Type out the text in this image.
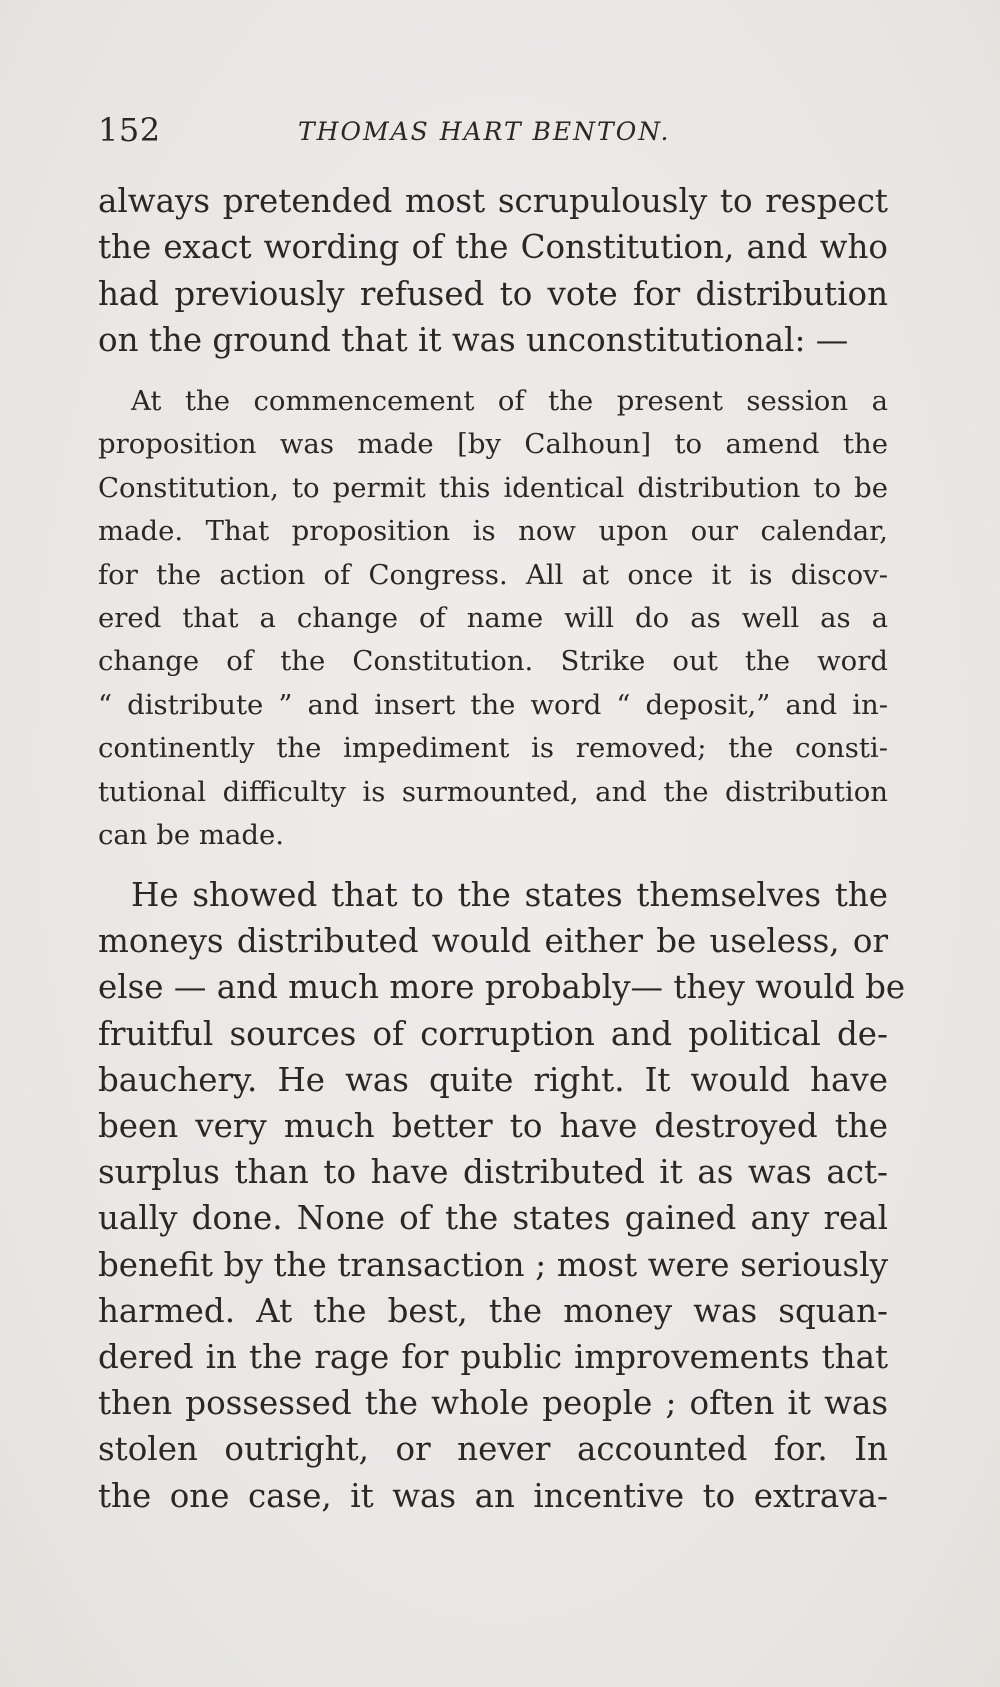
152	THOMAS HART BENTON.
always pretended most scrupulously to respect
the exact wording of the Constitution, and who
had previously refused to vote for distribution
on the ground that it was unconstitutional: —
At the commencement of the present session a
proposition was made [by Calhoun] to amend the
Constitution, to permit this identical distribution to be
made. That proposition is now upon our calendar,
for the action of Congress. All at once it is discov-
ered that a change of name will do as well as a
change of the Constitution. Strike out the word
“ distribute ” and insert the word “ deposit,” and in-
continently the impediment is removed; the consti-
tutional difficulty is surmounted, and the distribution
can be made.
He showed that to the states themselves the
moneys distributed would either be useless, or
else — and much more probably— they would be
fruitful sources of corruption and political de-
bauchery. He was quite right. It would have
been very much better to have destroyed the
surplus than to have distributed it as was act-
ually done. None of the states gained any real
benefit by the transaction ; most were seriously
harmed. At the best, the money was squan-
dered in the rage for public improvements that
then possessed the whole people ; often it was
stolen outright, or never accounted for. In
the one case, it was an incentive to extrava-
